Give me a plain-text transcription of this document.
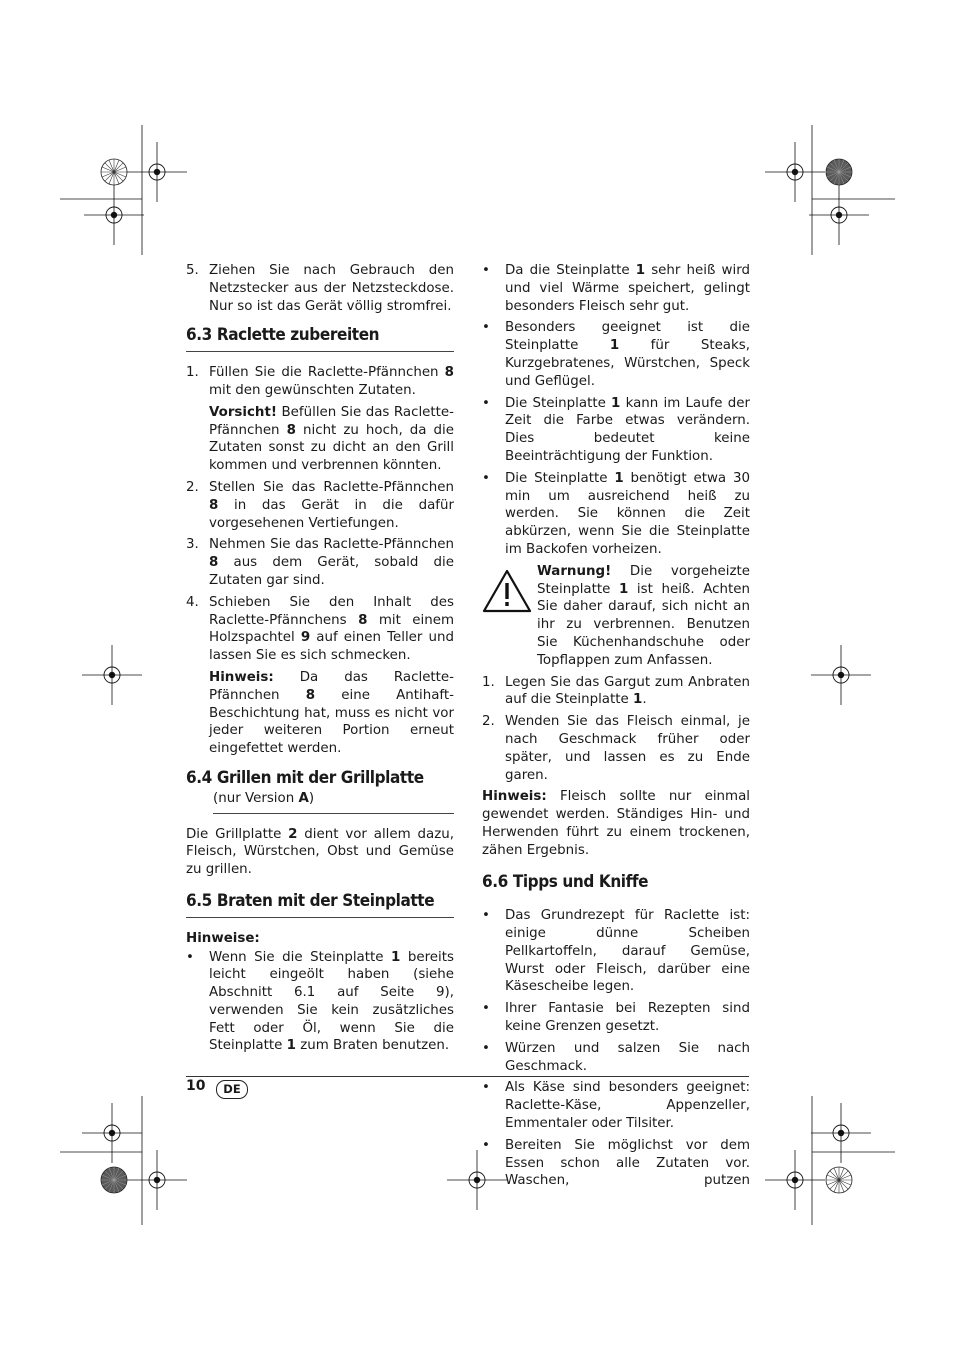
5. Ziehen Sie nach Gebrauch den Netzstecker aus der Netzsteckdose. Nur so ist das Gerät völlig stromfrei.
6.3 Raclette zubereiten
1. Füllen Sie die Raclette-Pfännchen 8 mit den gewünschten Zutaten.

Vorsicht! Befüllen Sie das Raclette-Pfännchen 8 nicht zu hoch, da die Zutaten sonst zu dicht an den Grill kommen und verbrennen könnten.

2. Stellen Sie das Raclette-Pfännchen 8 in das Gerät in die dafür vorgesehenen Vertiefungen.
3. Nehmen Sie das Raclette-Pfännchen 8 aus dem Gerät, sobald die Zutaten gar sind.
4. Schieben Sie den Inhalt des Raclette-Pfännchens 8 mit einem Holzspachtel 9 auf einen Teller und lassen Sie es sich schmecken.

Hinweis: Da das Raclette-Pfännchen 8 eine Antihaft-Beschichtung hat, muss es nicht vor jeder weiteren Portion erneut eingefettet werden.

6.4 Grillen mit der Grillplatte
(nur Version A)

Die Grillplatte 2 dient vor allem dazu, Fleisch, Würstchen, Obst und Gemüse zu grillen.

6.5 Braten mit der Steinplatte

Hinweise:

•	Wenn Sie die Steinplatte 1 bereits leicht eingeölt haben (siehe Abschnitt 6.1 auf Seite 9), verwenden Sie kein zusätzliches Fett oder Öl, wenn Sie die Steinplatte 1 zum Braten benutzen.
•	Da die Steinplatte 1 sehr heiß wird und viel Wärme speichert, gelingt besonders Fleisch sehr gut.
•	Besonders geeignet ist die Steinplatte 1 für Steaks, Kurzgebratenes, Würstchen, Speck und Geflügel.
•	Die Steinplatte 1 kann im Laufe der Zeit die Farbe etwas verändern. Dies bedeutet keine Beeinträchtigung der Funktion.
•	Die Steinplatte 1 benötigt etwa 30 min um ausreichend heiß zu werden. Sie können die Zeit abkürzen, wenn Sie die Steinplatte im Backofen vorheizen.
Warnung! Die vorgeheizte Steinplatte 1 ist heiß. Achten Sie daher darauf, sich nicht an ihr zu verbrennen. Benutzen Sie Küchenhandschuhe oder Topflappen zum Anfassen.
1. Legen Sie das Gargut zum Anbraten auf die Steinplatte 1.
2. Wenden Sie das Fleisch einmal, je nach Geschmack früher oder später, und lassen es zu Ende garen.

Hinweis: Fleisch sollte nur einmal gewendet werden. Ständiges Hin- und Herwenden führt zu einem trockenen, zähen Ergebnis.

6.6 Tipps und Kniffe
•	Das Grundrezept für Raclette ist: einige dünne Scheiben Pellkartoffeln, darauf Gemüse, Wurst oder Fleisch, darüber eine Käsescheibe legen.
•	Ihrer Fantasie bei Rezepten sind keine Grenzen gesetzt.
•	Würzen und salzen Sie nach Geschmack.
•	Als Käse sind besonders geeignet: Raclette-Käse, Appenzeller, Emmentaler oder Tilsiter.
•	Bereiten Sie möglichst vor dem Essen schon alle Zutaten vor. Waschen, putzen
10	DE
